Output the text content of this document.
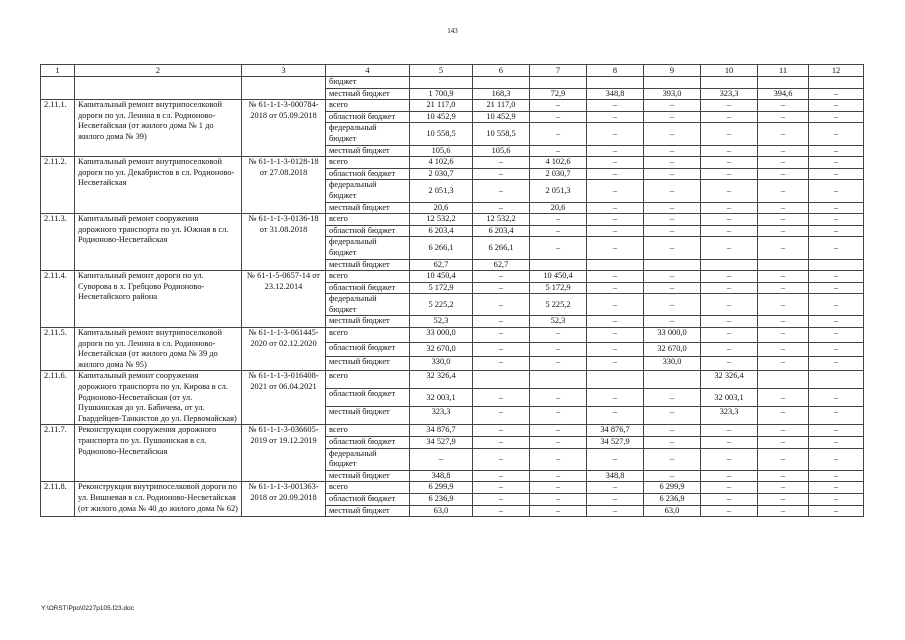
143
1	2	3	4	5	6	7	8	9	10	11	12
			бюджет								
			местный бюджет	1 700,9	168,3	72,9	348,8	393,0	323,3	394,6	–
2.11.1.	Капитальный ремонт внутрипоселковой дороги по ул. Ленина в сл. Родионово-Несветайская (от жилого дома № 1 до жилого дома № 39)	№ 61-1-1-3-000784-2018 от 05.09.2018	всего	21 117,0	21 117,0	–	–	–	–	–	–
			областной бюджет	10 452,9	10 452,9	–	–	–	–	–	–
			федеральный бюджет	10 558,5	10 558,5	–	–	–	–	–	–
			местный бюджет	105,6	105,6	–	–	–	–	–	–
2.11.2.	Капитальный ремонт внутрипоселковой дороги по ул. Декабристов в сл. Родионово-Несветайская	№ 61-1-1-3-0128-18 от 27.08.2018	всего	4 102,6	–	4 102,6	–	–	–	–	–
			областной бюджет	2 030,7	–	2 030,7	–	–	–	–	–
			федеральный бюджет	2 051,3	–	2 051,3	–	–	–	–	–
			местный бюджет	20,6	–	20,6	–	–	–	–	–
2.11.3.	Капитальный ремонт сооружения дорожного транспорта по ул. Южная в сл. Родионово-Несветайская	№ 61-1-1-3-0136-18 от 31.08.2018	всего	12 532,2	12 532,2	–	–	–	–	–	–
			областной бюджет	6 203,4	6 203,4	–	–	–	–	–	–
			федеральный бюджет	6 266,1	6 266,1	–	–	–	–	–	–
			местный бюджет	62,7	62,7						
2.11.4.	Капитальный ремонт дороги по ул. Суворова в х. Гребцово Родионово-Несветайского района	№ 61-1-5-0657-14 от 23.12.2014	всего	10 450,4	–	10 450,4	–	–	–	–	–
			областной бюджет	5 172,9	–	5 172,9	–	–	–	–	–
			федеральный бюджет	5 225,2	–	5 225,2	–	–	–	–	–
			местный бюджет	52,3	–	52,3	–	–	–	–	–
2.11.5.	Капитальный ремонт внутрипоселковой дороги по ул. Ленина в сл. Родионово-Несветайская (от жилого дома № 39 до жилого дома № 95)	№ 61-1-1-3-061445-2020 от 02.12.2020	всего	33 000,0	–	–	–	33 000,0	–	–	–
			областной бюджет	32 670,0	–	–	–	32 670,0	–	–	–
			местный бюджет	330,0	–	–	–	330,0	–	–	–
2.11.6.	Капитальный ремонт сооружения дорожного транспорта по ул. Кирова в сл. Родионово-Несветайская (от ул. Пушкинская до ул. Бабичева, от ул. Гвардейцев-Танкистов до ул. Первомайская)	№ 61-1-1-3-016408-2021 от 06.04.2021	всего	32 326,4					32 326,4		
			областной бюджет	32 003,1	–	–	–	–	32 003,1	–	–
			местный бюджет	323,3	–	–	–	–	323,3	–	–
2.11.7.	Реконструкция сооружения дорожного транспорта по ул. Пушкинская в сл. Родионово-Несветайская	№ 61-1-1-3-036605-2019 от 19.12.2019	всего	34 876,7	–	–	34 876,7	–	–	–	–
			областной бюджет	34 527,9	–	–	34 527,9	–	–	–	–
			федеральный бюджет	–	–	–	–	–	–	–	–
			местный бюджет	348,8	–	–	348,8	–	–	–	–
2.11.8.	Реконструкция внутрипоселковой дороги по ул. Вишневая в сл. Родионово-Несветайская (от жилого дома № 40 до жилого дома № 62)	№ 61-1-1-3-001363-2018 от 20.09.2018	всего	6 299,9	–	–	–	6 299,9	–	–	–
			областной бюджет	6 236,9	–	–	–	6 236,9	–	–	–
			местный бюджет	63,0	–	–	–	63,0	–	–	–
Y:\ORST\Ppo\0227p105.f23.doc
